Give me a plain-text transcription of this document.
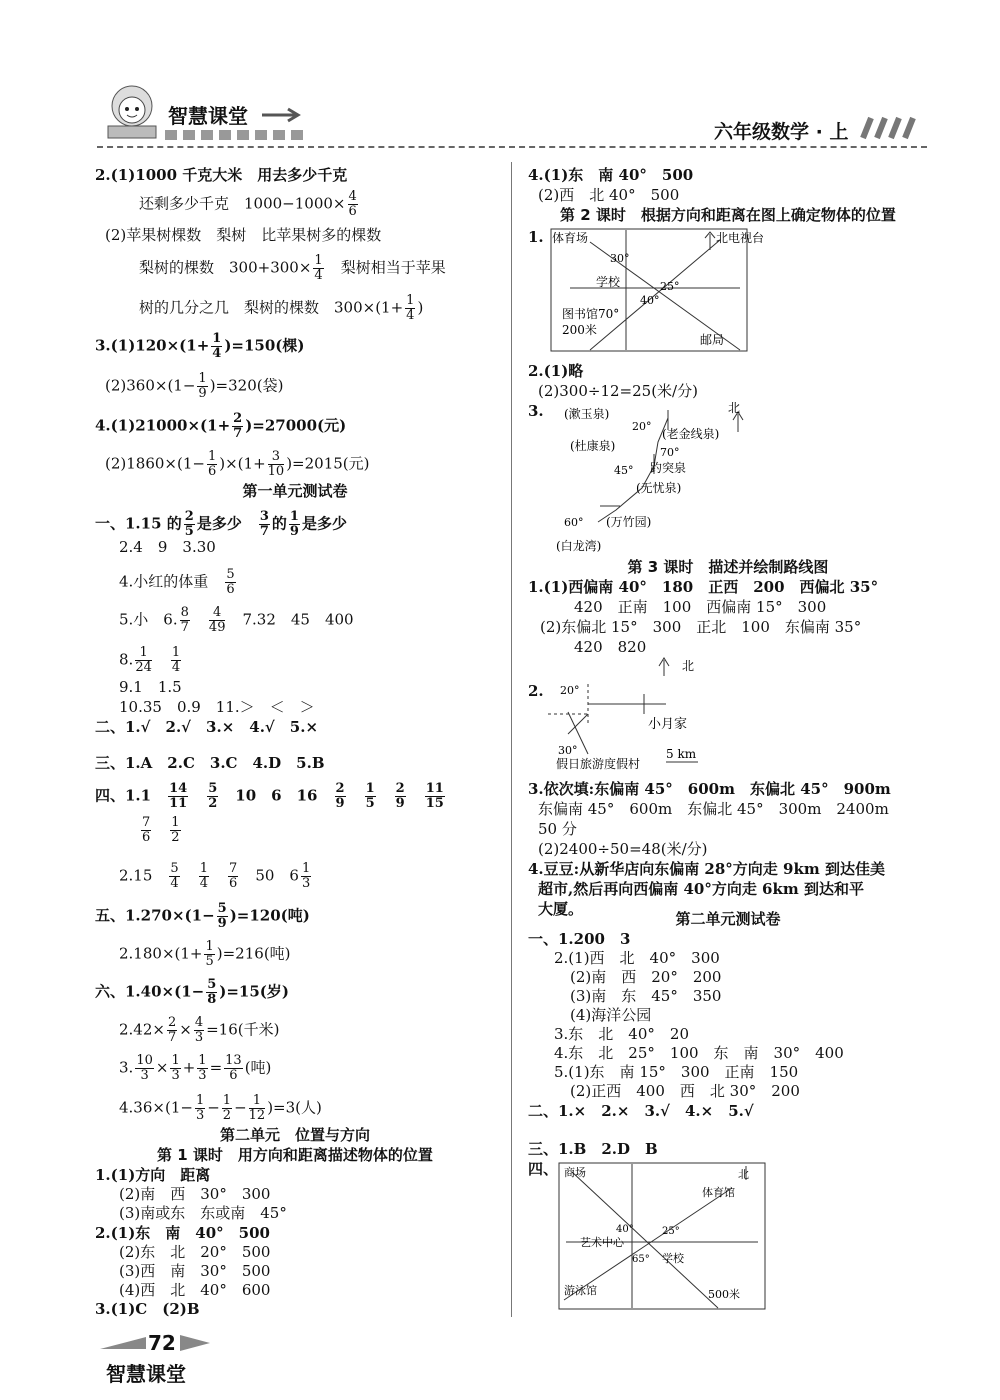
智慧课堂
六年级数学 · 上
2.(1)1000 千克大米　用去多少千克
还剩多少千克　$1000-1000\times \frac{4}{6}$
(2)苹果树棵数　梨树　比苹果树多的棵数
梨树的棵数　$300+300\times \frac{1}{4}$
　 梨树相当于苹果
树的几分之几　梨树的棵数　$300\times(1+ \frac{1}{4}$ )
$3.(1)120\times(1+ \frac{1}{4} )=150$(棵)
$(2)360\times(1- \frac{1}{9} )=320$(袋)
$4.(1)21000\times(1+ \frac{2}{7} )=27000$(元)
$(2)1860\times(1- \frac{1}{6} )\times(1+ \frac{3}{10} )=2015$(元)
第一单元测试卷
一、1.15 的 $\frac{2}{5}$ 是多少　 $\frac{3}{7}$ 的 $\frac{1}{9}$ 是多少
2.4　9　3.30
4.小红的体重　 $\frac{5}{6}$
5.小　6. $\frac{8}{7}$
　 $\frac{4}{49}$
　 7.32　45　400
8. $\frac{1}{24}$
　 $\frac{1}{4}$
9.1　1.5
10.35　0.9　11.＞　＜　＞
二、1.√　2.√　3.×　4.√　5.×
三、1.A　2.C　3.C　4.D　5.B
四、1.1　 $\frac{14}{11}$
　 $\frac{5}{2}$
　 10　6　16　 $\frac{2}{9}$
　 $\frac{1}{5}$
　 $\frac{2}{9}$
　 $\frac{11}{15}$
$\frac{7}{6}$
　 $\frac{1}{2}$
2.15　 $\frac{5}{4}$
　 $\frac{1}{4}$
　 $\frac{7}{6}$
　 50　$6 \frac{1}{3}$
五、$1.270\times(1- \frac{5}{9} )=120$(吨)
$2.180\times(1+ \frac{1}{5} )=216$(吨)
六、$1.40\times(1- \frac{5}{8} )=15$(岁)
$2.42\times \frac{2}{7} \times \frac{4}{3} =16$(千米)
3. $\frac{10}{3} \times \frac{1}{3} + \frac{1}{3} = \frac{13}{6}$ (吨)
$4.36\times(1- \frac{1}{3} - \frac{1}{2} - \frac{1}{12} )=3$(人)
第二单元　位置与方向
第 1 课时　用方向和距离描述物体的位置
1.(1)方向　距离
(2)南　西　30°　300
(3)南或东　东或南　45°
2.(1)东　南　40°　500
(2)东　北　20°　500
(3)西　南　30°　500
(4)西　北　40°　600
3.(1)C　(2)B
4.(1)东　南 40°　500
(2)西　北 40°　500
第 2 课时　根据方向和距离在图上确定物体的位置
1. 体育场	北电视台
30°
学校	25°
40°
图书馆70°
200米
邮局
2.(1)略
(2)300÷12=25(米/分)
3. (漱玉泉)	北
20°
(老金线泉)
(杜康泉)	70°
趵突泉
45°
(无忧泉)
60° (万竹园)
(白龙湾)
第 3 课时　描述并绘制路线图
1.(1)西偏南 40°　180　正西　200　西偏北 35°
420　正南　100　西偏南 15°　300
(2)东偏北 15°　300　正北　100　东偏南 35°
420　820
2.
北
20°
小月家
30°	5 km
假日旅游度假村
3.依次填:东偏南 45°　600m　东偏北 45°　900m
东偏南 45°　600m　东偏北 45°　300m　2400m
50 分
(2)2400÷50=48(米/分)
4.豆豆:从新华店向东偏南 28°方向走 9km 到达佳美
超市,然后再向西偏南 40°方向走 6km 到达和平
大厦。
第二单元测试卷
一、1.200　3
2.(1)西　北　40°　300
(2)南　西　20°　200
(3)南　东　45°　350
(4)海洋公园
3.东　北　40°　20
4.东　北　25°　100　东　南　30°　400
5.(1)东　南 15°　300　正南　150
(2)正西　400　西　北 30°　200
二、1.×　2.×　3.√　4.×　5.√
三、1.B　2.D　B
四、 商场	北
体育馆
40°	25°
艺术中心
65° 学校
游泳馆	500米
72
智慧课堂
